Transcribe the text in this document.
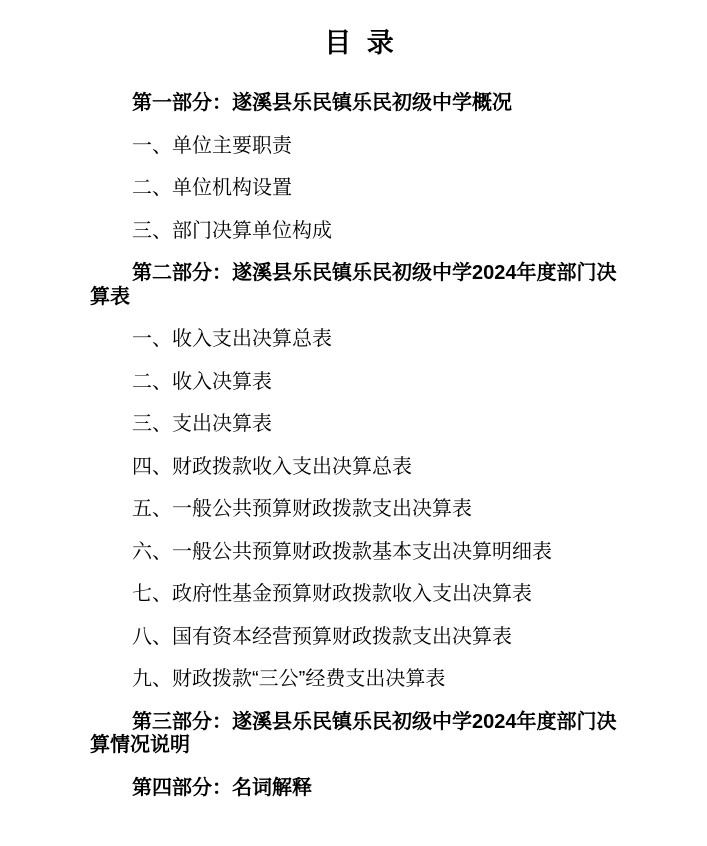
目 录

第一部分：遂溪县乐民镇乐民初级中学概况

一、单位主要职责

二、单位机构设置

三、部门决算单位构成

第二部分：遂溪县乐民镇乐民初级中学2024年度部门决算表

一、收入支出决算总表

二、收入决算表

三、支出决算表

四、财政拨款收入支出决算总表

五、一般公共预算财政拨款支出决算表

六、一般公共预算财政拨款基本支出决算明细表

七、政府性基金预算财政拨款收入支出决算表

八、国有资本经营预算财政拨款支出决算表

九、财政拨款“三公”经费支出决算表

第三部分：遂溪县乐民镇乐民初级中学2024年度部门决算情况说明

第四部分：名词解释
